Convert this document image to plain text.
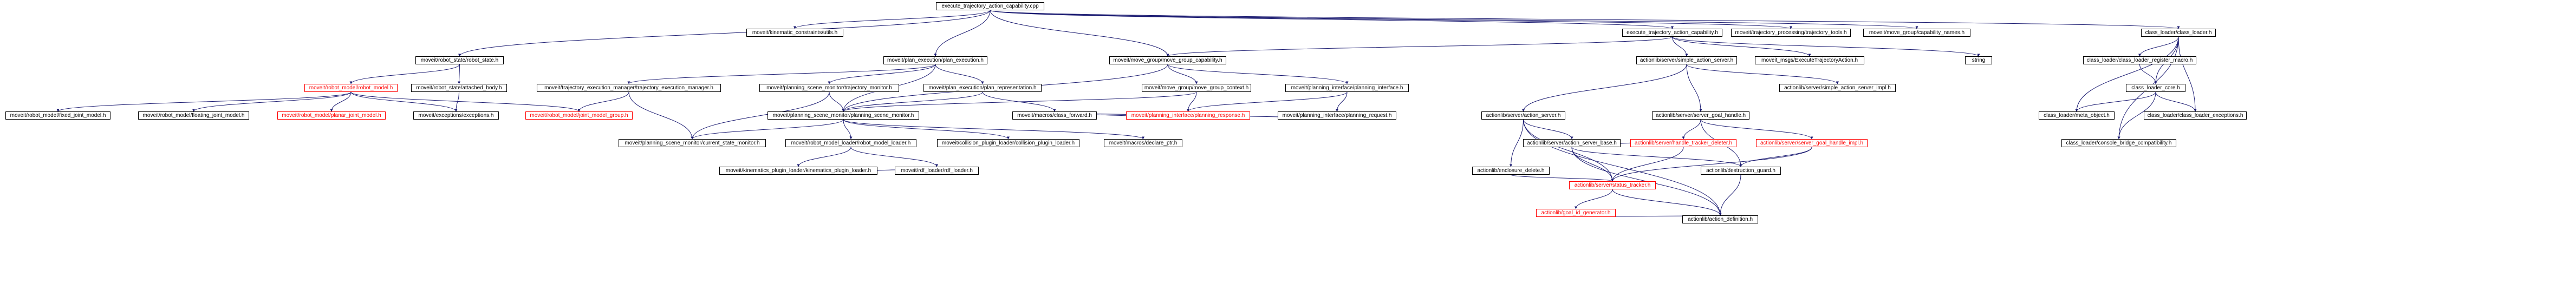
execute_trajectory_action_capability.cpp
moveit/kinematic_constraints/utils.h	execute_trajectory_action_capability.h	moveit/trajectory_processing/trajectory_tools.h	moveit/move_group/capability_names.h	class_loader/class_loader.h
moveit/robot_state/robot_state.h	moveit/plan_execution/plan_execution.h	moveit/move_group/move_group_capability.h	actionlib/server/simple_action_server.h	moveit_msgs/ExecuteTrajectoryAction.h	string	class_loader/class_loader_register_macro.h
moveit/robot_model/robot_model.h	moveit/robot_state/attached_body.h	moveit/trajectory_execution_manager/trajectory_execution_manager.h	moveit/planning_scene_monitor/trajectory_monitor.h	moveit/plan_execution/plan_representation.h	moveit/move_group/move_group_context.h	moveit/planning_interface/planning_interface.h	actionlib/server/simple_action_server_impl.h	class_loader_core.h
moveit/robot_model/fixed_joint_model.h	moveit/robot_model/floating_joint_model.h	moveit/robot_model/planar_joint_model.h	moveit/exceptions/exceptions.h	moveit/robot_model/joint_model_group.h	moveit/planning_scene_monitor/planning_scene_monitor.h	moveit/macros/class_forward.h	moveit/planning_interface/planning_response.h	moveit/planning_interface/planning_request.h	actionlib/server/action_server.h	actionlib/server/server_goal_handle.h	class_loader/meta_object.h	class_loader/class_loader_exceptions.h
moveit/planning_scene_monitor/current_state_monitor.h	moveit/robot_model_loader/robot_model_loader.h	moveit/collision_plugin_loader/collision_plugin_loader.h	moveit/macros/declare_ptr.h	actionlib/server/action_server_base.h	actionlib/server/handle_tracker_deleter.h	actionlib/server/server_goal_handle_impl.h	class_loader/console_bridge_compatibility.h
actionlib/enclosure_delete.h	actionlib/destruction_guard.h
moveit/kinematics_plugin_loader/kinematics_plugin_loader.h	moveit/rdf_loader/rdf_loader.h
actionlib/server/status_tracker.h
actionlib/goal_id_generator.h
actionlib/action_definition.h
